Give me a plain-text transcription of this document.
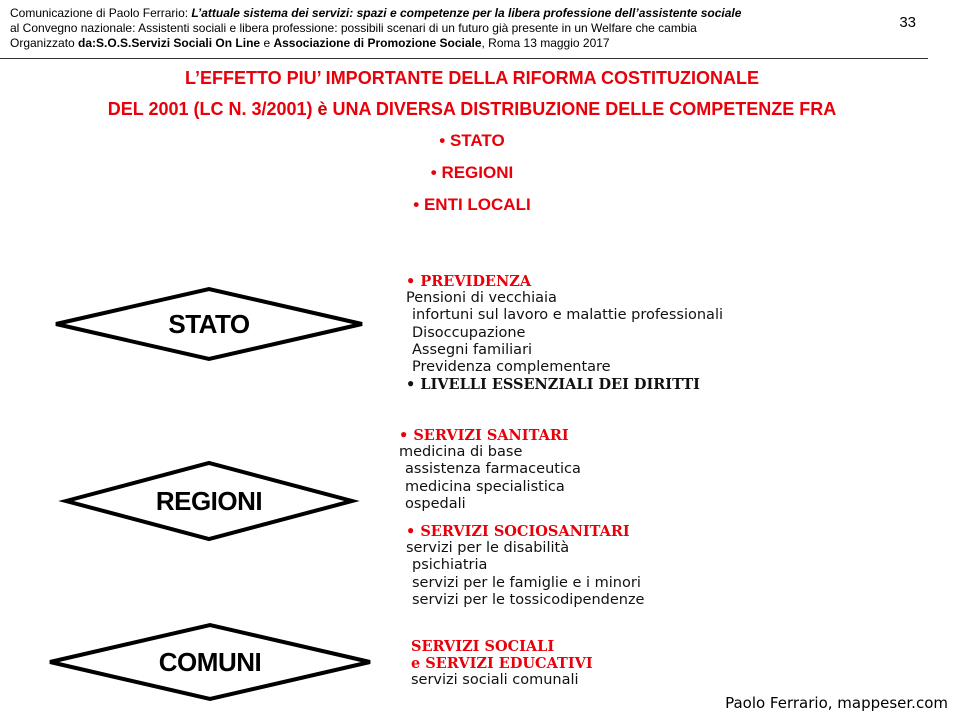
Comunicazione di Paolo Ferrario: L’attuale sistema dei servizi: spazi e competenze per la libera professione dell’assistente sociale
al Convegno nazionale: Assistenti sociali e libera professione: possibili scenari di un futuro già presente in un Welfare che cambia
Organizzato da:S.O.S.Servizi Sociali On Line e Associazione di Promozione Sociale, Roma 13 maggio 2017
33
L’EFFETTO PIU’ IMPORTANTE DELLA RIFORMA COSTITUZIONALE
DEL 2001 (LC N. 3/2001) è UNA DIVERSA DISTRIBUZIONE DELLE COMPETENZE FRA
• STATO
• REGIONI
• ENTI LOCALI
STATO
REGIONI
COMUNI
• PREVIDENZA
Pensioni di vecchiaia
infortuni sul lavoro e malattie professionali
Disoccupazione
Assegni familiari
Previdenza complementare
• LIVELLI ESSENZIALI DEI DIRITTI
• SERVIZI SANITARI
medicina di base
assistenza farmaceutica
medicina specialistica
ospedali
• SERVIZI SOCIOSANITARI
servizi per le disabilità
psichiatria
servizi per le famiglie e i minori
servizi per le tossicodipendenze
SERVIZI SOCIALI
e SERVIZI EDUCATIVI
servizi sociali comunali
Paolo Ferrario, mappeser.com
